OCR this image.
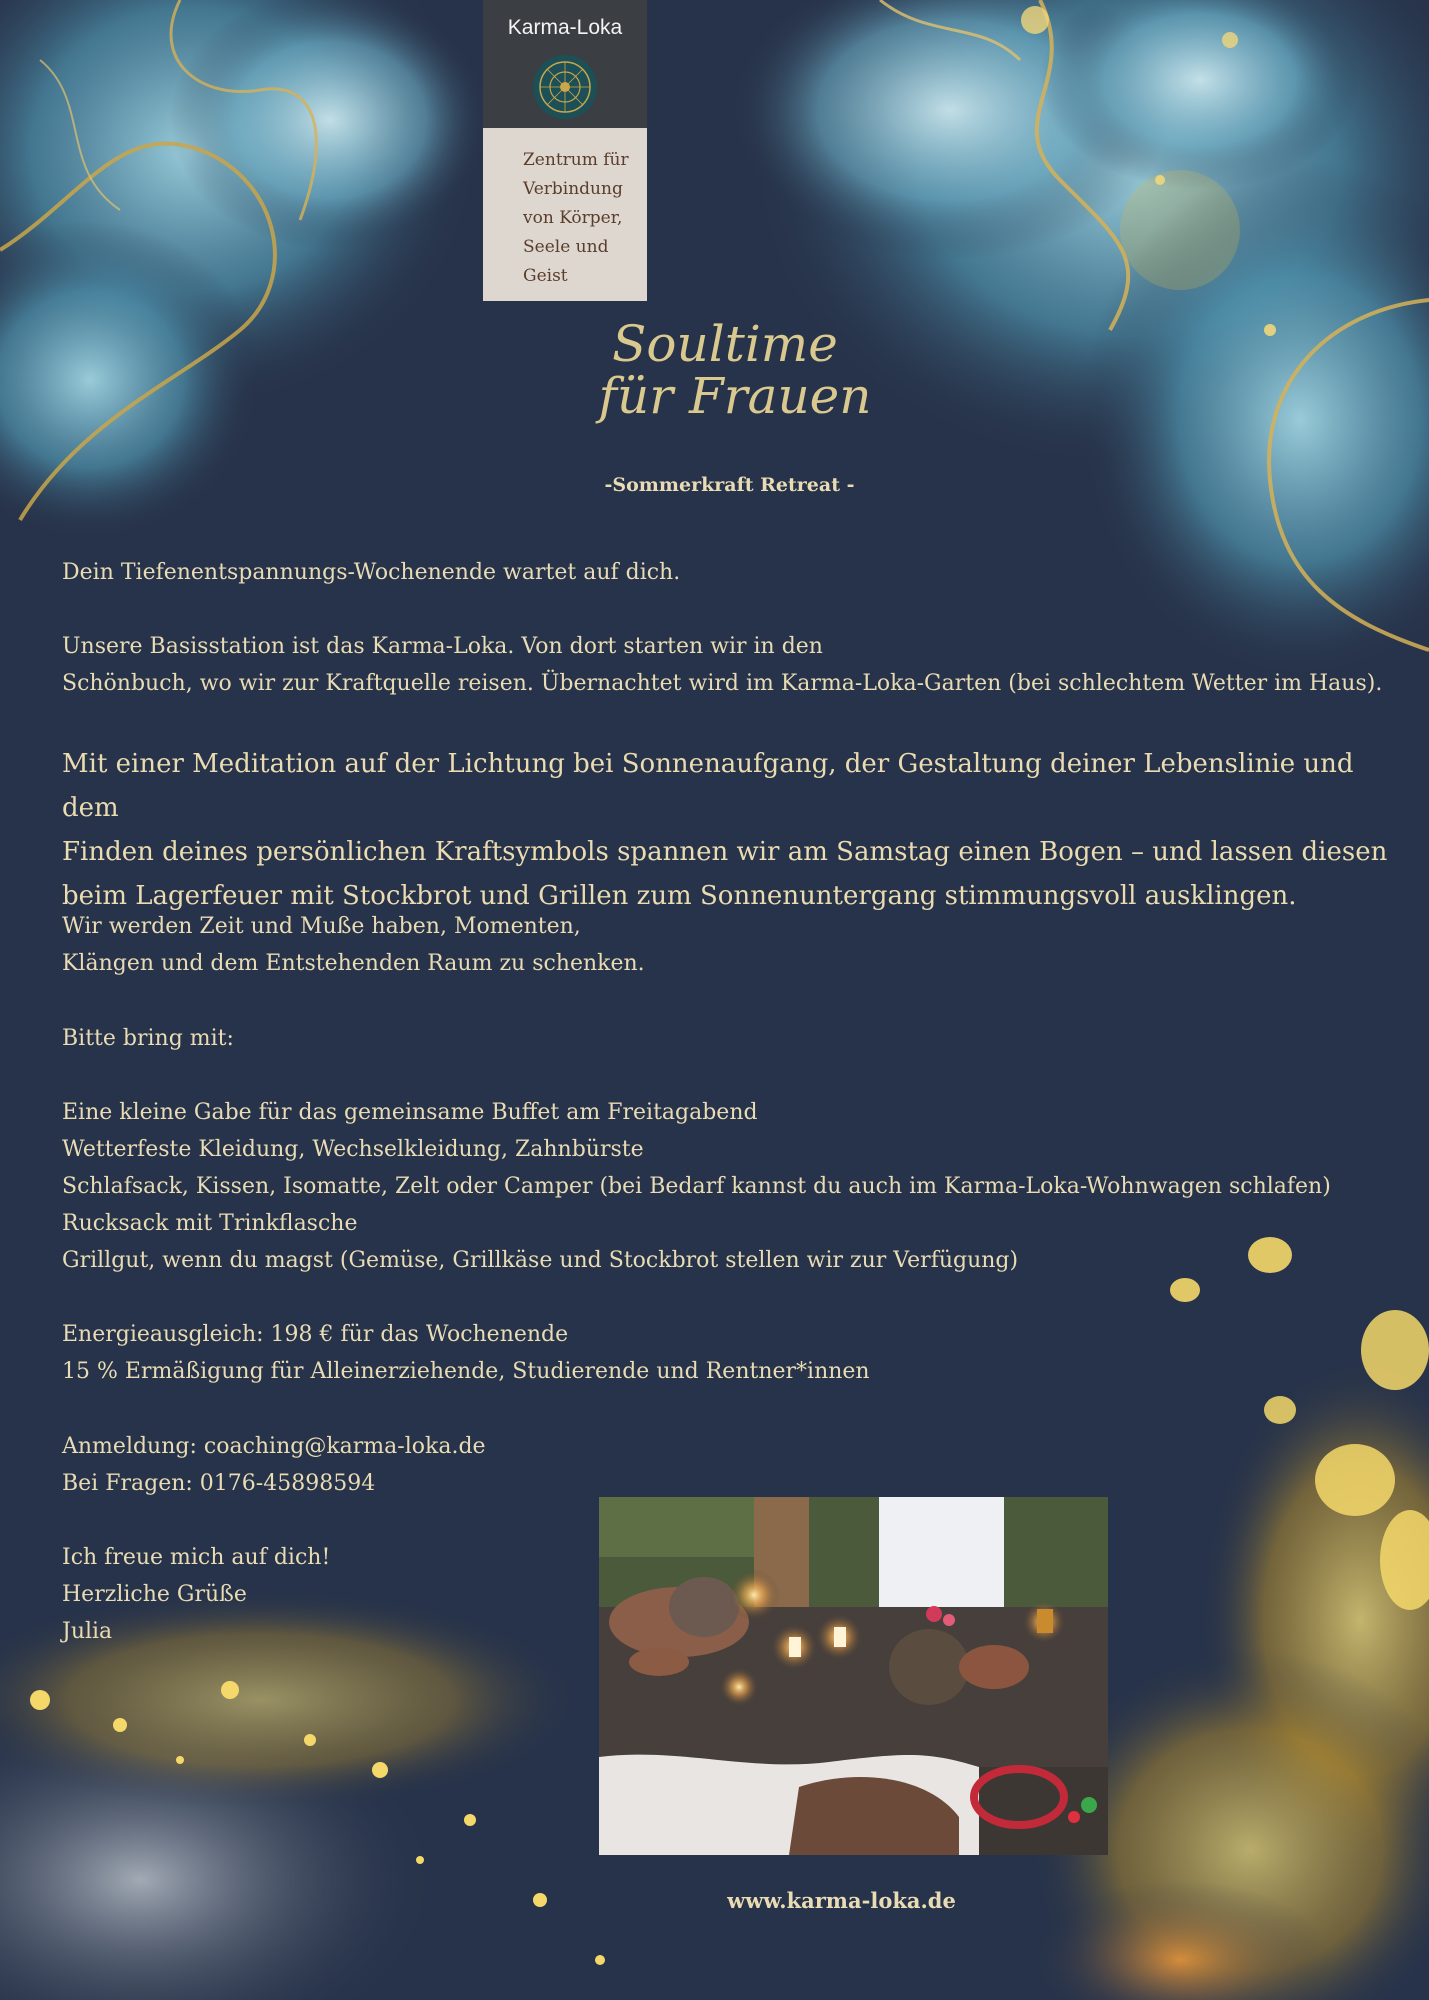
Karma-Loka
Zentrum für
Verbindung
von Körper,
Seele und
Geist
Soultime
für Frauen
-Sommerkraft Retreat -
Dein Tiefenentspannungs-Wochenende wartet auf dich.
Unsere Basisstation ist das Karma-Loka. Von dort starten wir in den
Schönbuch, wo wir zur Kraftquelle reisen. Übernachtet wird im Karma-Loka-Garten (bei schlechtem Wetter im Haus).
Mit einer Meditation auf der Lichtung bei Sonnenaufgang, der Gestaltung deiner Lebenslinie und dem
Finden deines persönlichen Kraftsymbols spannen wir am Samstag einen Bogen – und lassen diesen
beim Lagerfeuer mit Stockbrot und Grillen zum Sonnenuntergang stimmungsvoll ausklingen.
Wir werden Zeit und Muße haben, Momenten,
Klängen und dem Entstehenden Raum zu schenken.
Bitte bring mit:
Eine kleine Gabe für das gemeinsame Buffet am Freitagabend
Wetterfeste Kleidung, Wechselkleidung, Zahnbürste
Schlafsack, Kissen, Isomatte, Zelt oder Camper (bei Bedarf kannst du auch im Karma-Loka-Wohnwagen schlafen)
Rucksack mit Trinkflasche
Grillgut, wenn du magst (Gemüse, Grillkäse und Stockbrot stellen wir zur Verfügung)
Energieausgleich: 198 € für das Wochenende
15 % Ermäßigung für Alleinerziehende, Studierende und Rentner*innen
Anmeldung: coaching@karma-loka.de
Bei Fragen: 0176-45898594
Ich freue mich auf dich!
Herzliche Grüße
Julia
www.karma-loka.de
